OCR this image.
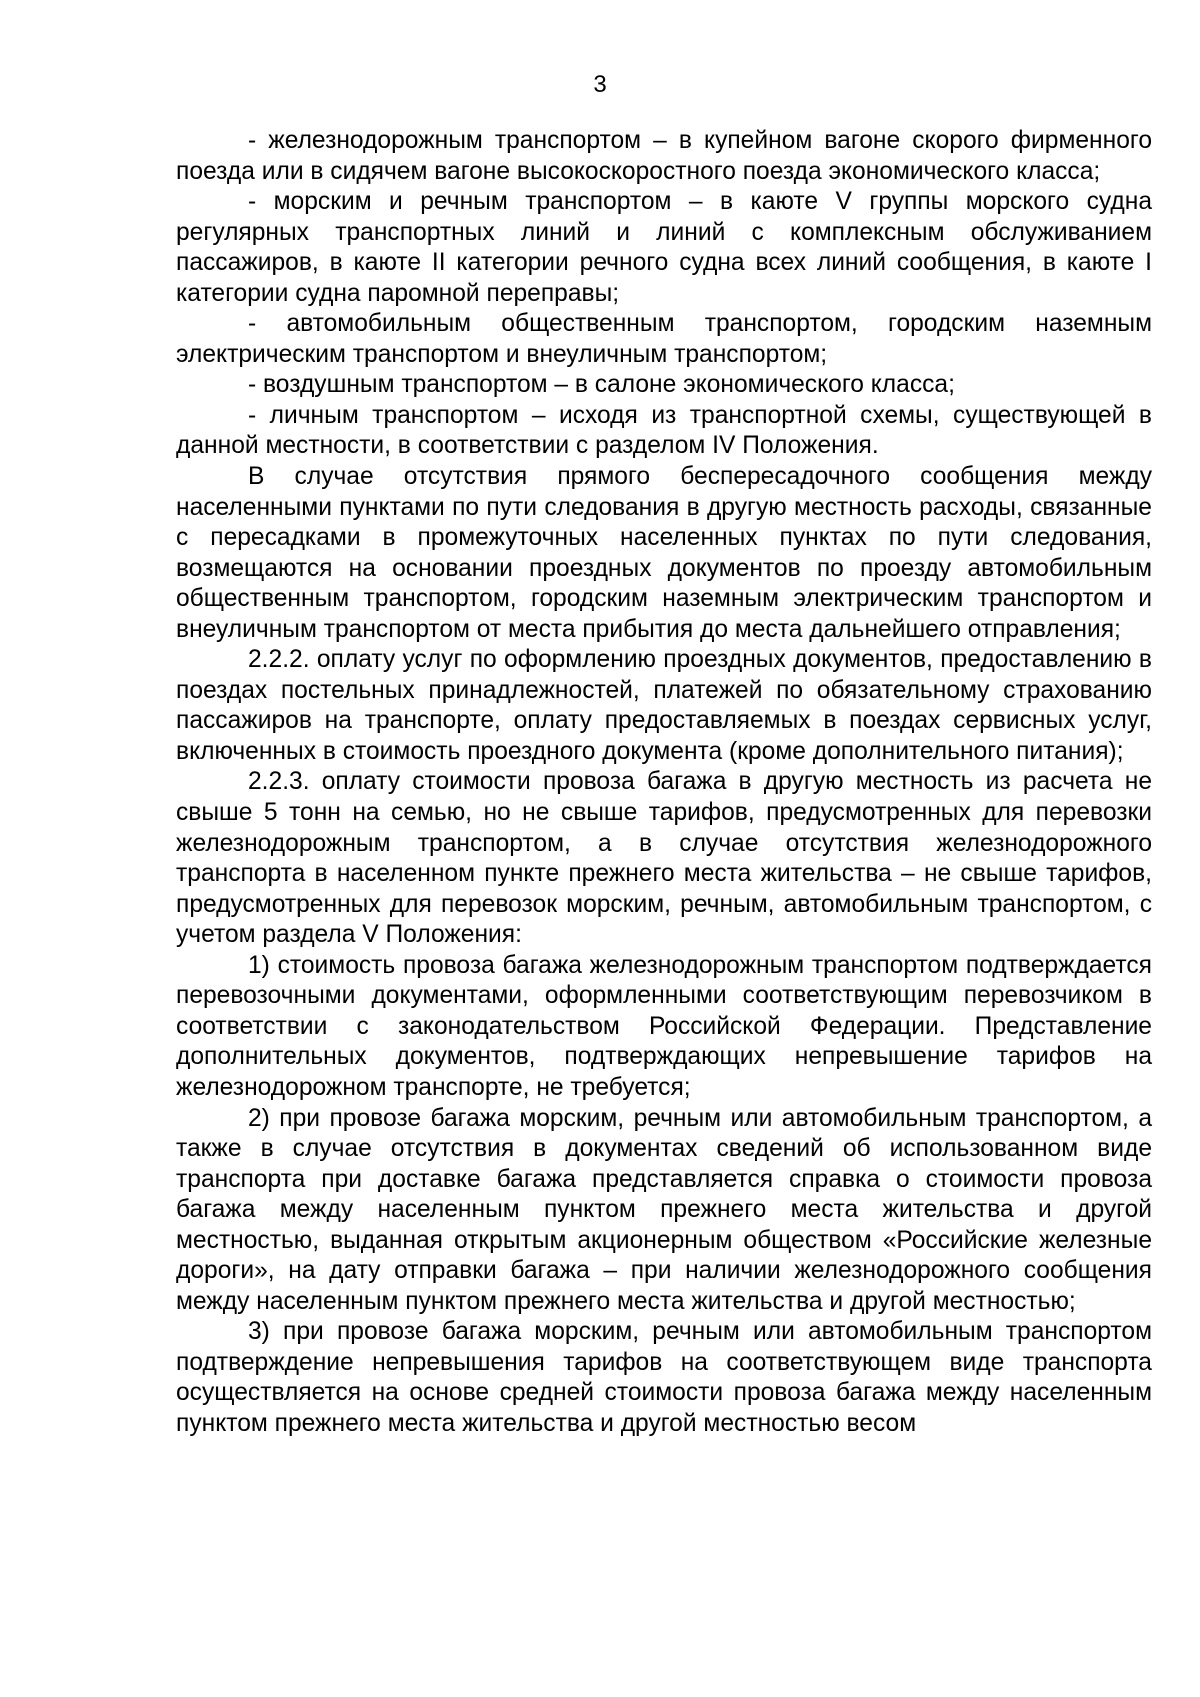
3

- железнодорожным транспортом – в купейном вагоне скорого фирменного поезда или в сидячем вагоне высокоскоростного поезда экономического класса;

- морским и речным транспортом – в каюте V группы морского судна регулярных транспортных линий и линий с комплексным обслуживанием пассажиров, в каюте II категории речного судна всех линий сообщения, в каюте I категории судна паромной переправы;

- автомобильным общественным транспортом, городским наземным электрическим транспортом и внеуличным транспортом;

- воздушным транспортом – в салоне экономического класса;

- личным транспортом – исходя из транспортной схемы, существующей в данной местности, в соответствии с разделом IV Положения.

В случае отсутствия прямого беспересадочного сообщения между населенными пунктами по пути следования в другую местность расходы, связанные с пересадками в промежуточных населенных пунктах по пути следования, возмещаются на основании проездных документов по проезду автомобильным общественным транспортом, городским наземным электрическим транспортом и внеуличным транспортом от места прибытия до места дальнейшего отправления;

2.2.2. оплату услуг по оформлению проездных документов, предоставлению в поездах постельных принадлежностей, платежей по обязательному страхованию пассажиров на транспорте, оплату предоставляемых в поездах сервисных услуг, включенных в стоимость проездного документа (кроме дополнительного питания);

2.2.3. оплату стоимости провоза багажа в другую местность из расчета не свыше 5 тонн на семью, но не свыше тарифов, предусмотренных для перевозки железнодорожным транспортом, а в случае отсутствия железнодорожного транспорта в населенном пункте прежнего места жительства – не свыше тарифов, предусмотренных для перевозок морским, речным, автомобильным транспортом, с учетом раздела V Положения:

1) стоимость провоза багажа железнодорожным транспортом подтверждается перевозочными документами, оформленными соответствующим перевозчиком в соответствии с законодательством Российской Федерации. Представление дополнительных документов, подтверждающих непревышение тарифов на железнодорожном транспорте, не требуется;

2) при провозе багажа морским, речным или автомобильным транспортом, а также в случае отсутствия в документах сведений об использованном виде транспорта при доставке багажа представляется справка о стоимости провоза багажа между населенным пунктом прежнего места жительства и другой местностью, выданная открытым акционерным обществом «Российские железные дороги», на дату отправки багажа – при наличии железнодорожного сообщения между населенным пунктом прежнего места жительства и другой местностью;

3) при провозе багажа морским, речным или автомобильным транспортом подтверждение непревышения тарифов на соответствующем виде транспорта осуществляется на основе средней стоимости провоза багажа между населенным пунктом прежнего места жительства и другой местностью весом
